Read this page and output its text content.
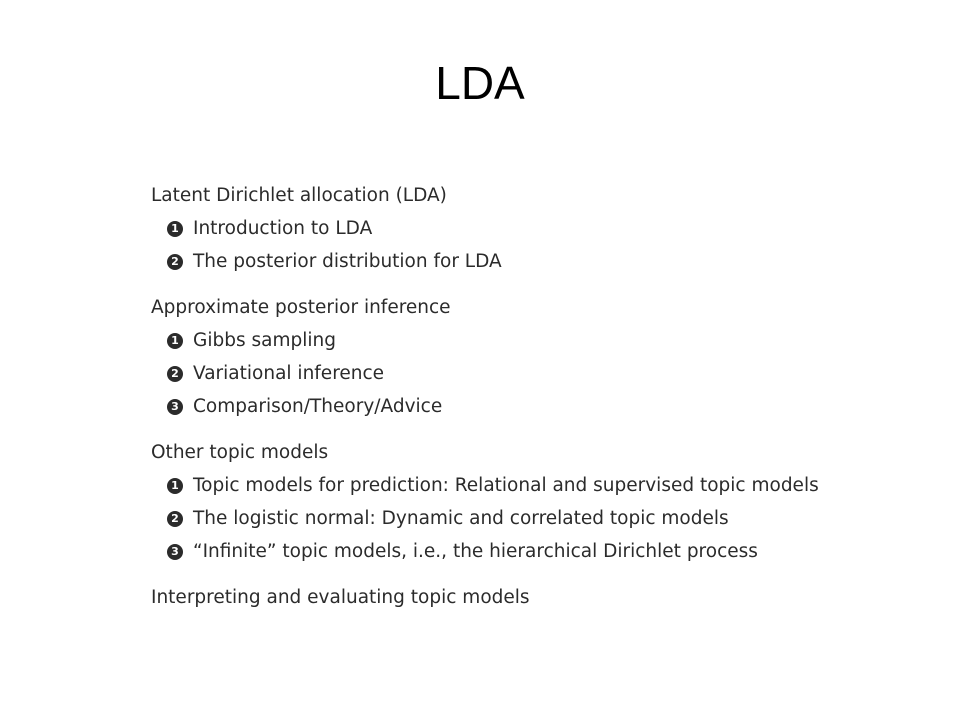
LDA
Latent Dirichlet allocation (LDA)
1 Introduction to LDA
2 The posterior distribution for LDA
Approximate posterior inference
1 Gibbs sampling
2 Variational inference
3 Comparison/Theory/Advice
Other topic models
1 Topic models for prediction: Relational and supervised topic models
2 The logistic normal: Dynamic and correlated topic models
3 “Infinite” topic models, i.e., the hierarchical Dirichlet process
Interpreting and evaluating topic models
